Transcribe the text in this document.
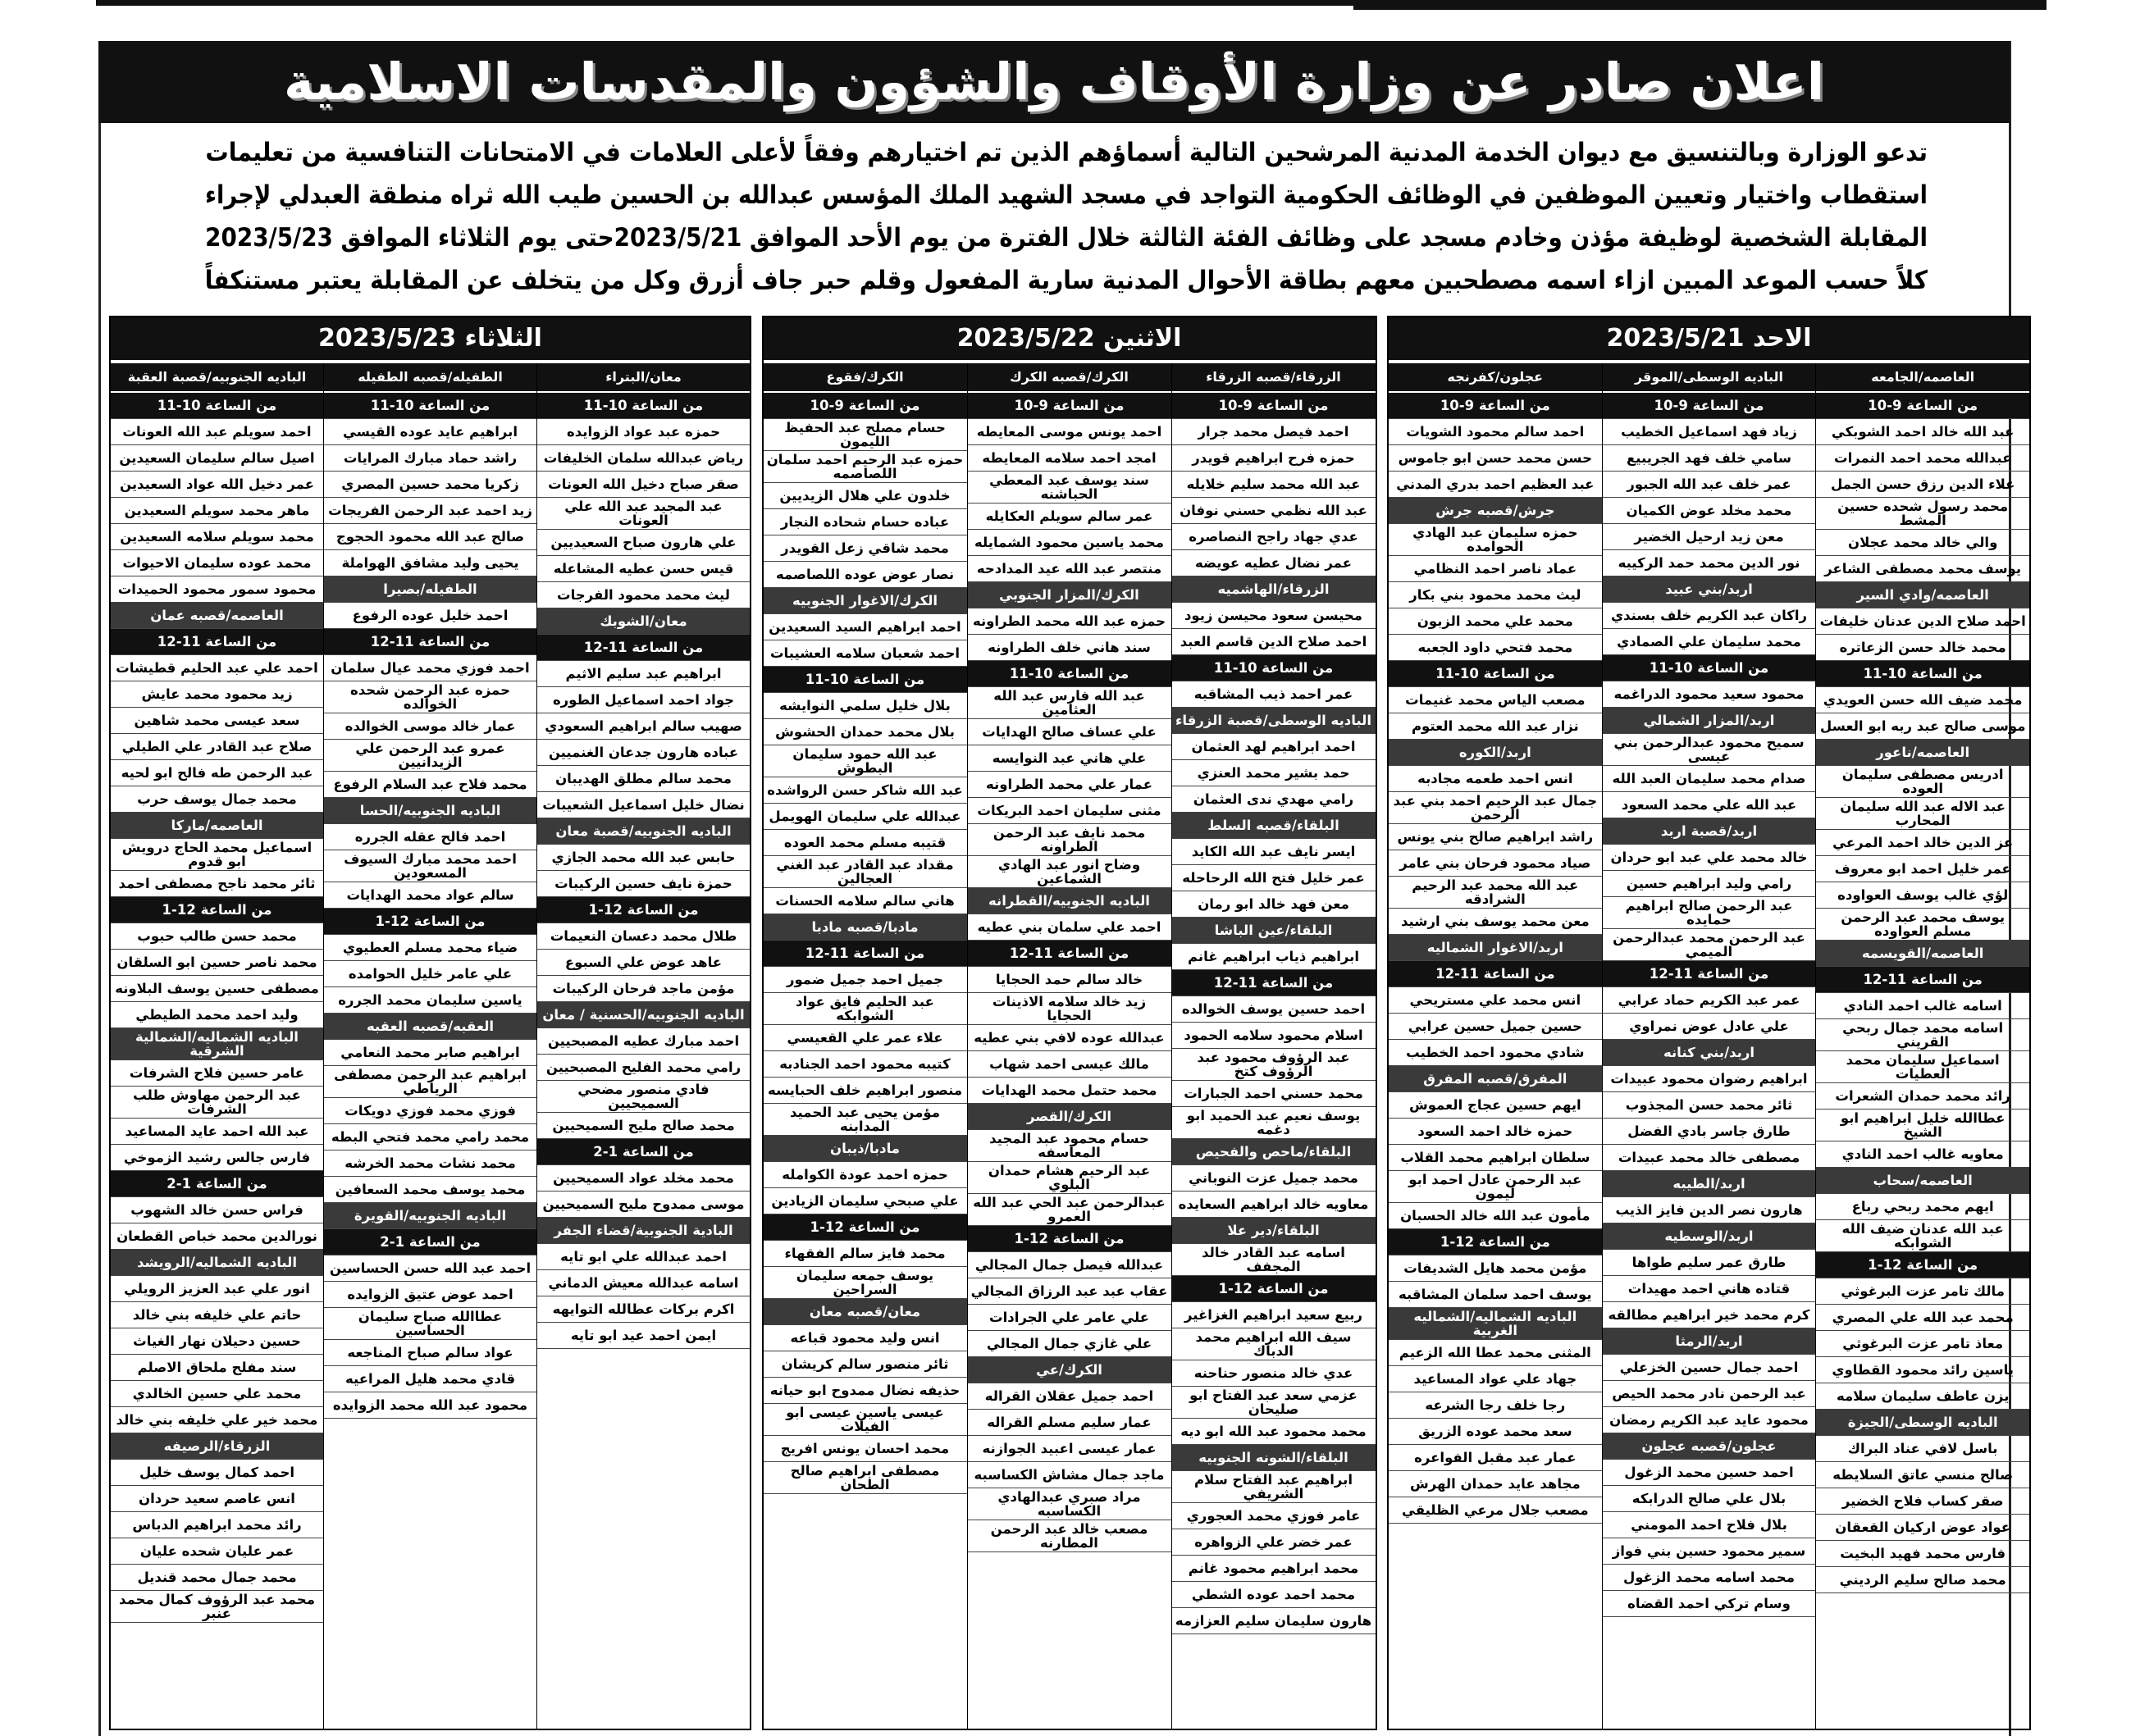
اعلان صادر عن وزارة الأوقاف والشؤون والمقدسات الاسلامية
تدعو الوزارة وبالتنسيق مع ديوان الخدمة المدنية المرشحين التالية أسماؤهم الذين تم اختيارهم وفقاً لأعلى العلامات في الامتحانات التنافسية من تعليمات
استقطاب واختيار وتعيين الموظفين في الوظائف الحكومية التواجد في مسجد الشهيد الملك المؤسس عبدالله بن الحسين طيب الله ثراه منطقة العبدلي لإجراء
المقابلة الشخصية لوظيفة مؤذن وخادم مسجد على وظائف الفئة الثالثة خلال الفترة من يوم الأحد الموافق 2023/5/21حتى يوم الثلاثاء الموافق 2023/5/23
كلاً حسب الموعد المبين ازاء اسمه مصطحبين معهم بطاقة الأحوال المدنية سارية المفعول وقلم حبر جاف أزرق وكل من يتخلف عن المقابلة يعتبر مستنكفاً
الاحد 2023/5/21
العاصمه/الجامعه
من الساعة 9-10
عبد الله خالد احمد الشوبكي
عبدالله محمد احمد النمرات
علاء الدين رزق حسن الجمل
محمد رسول شحده حسين المشط
والي خالد محمد عجلان
يوسف محمد مصطفى الشاعر
العاصمه/وادي السير
احمد صلاح الدين عدنان خليفات
محمد خالد حسن الزعاتره
من الساعة 10-11
محمد ضيف الله حسن العويدي
موسى صالح عبد ربه ابو العسل
العاصمه/ناعور
ادريس مصطفى سليمان العوده
عبد الاله عبد الله سليمان المحارب
عز الدين خالد احمد المرعي
عمر خليل احمد ابو معروف
لؤي غالب يوسف العواوده
يوسف محمد عبد الرحمن مسلم العواوده
العاصمه/القويسمه
من الساعة 11-12
اسامه غالب احمد النادي
اسامه محمد جمال ربحي القريني
اسماعيل سليمان محمد العطيات
رائد محمد حمدان الشعرات
عطاالله خليل ابراهيم ابو الشيخ
معاويه غالب احمد النادي
العاصمه/سحاب
ايهم محمد ربحي رباع
عبد الله عدنان ضيف الله الشوابكه
من الساعة 12-1
مالك تامر عزت البرغوثي
محمد عبد الله علي المصري
معاذ تامر عزت البرغوثي
ياسين رائد محمود القطاوي
يزن عاطف سليمان سلامه
الباديه الوسطى/الجيزة
باسل لافي عناد البراك
صالح منسي عاتق السلايطه
صقر كساب فلاح الخضير
عواد عوض اركيان القعقان
فارس محمد فهيد البخيت
محمد صالح سليم الرديني
الباديه الوسطى/الموقر
من الساعة 9-10
زياد فهد اسماعيل الخطيب
سامي خلف فهد الجريبيع
عمر خلف عبد الله الجبور
محمد مخلد عوض الكميان
معن زيد ارحيل الخضير
نور الدين محمد حمد الركيبه
اربد/بني عبيد
راكان عبد الكريم خلف بسندي
محمد سليمان علي الصمادي
من الساعة 10-11
محمود سعيد محمود الدراغمه
اربد/المزار الشمالي
سميح محمود عبدالرحمن بني عيسى
صدام محمد سليمان العبد الله
عبد الله علي محمد السعود
اربد/قصبة اربد
خالد محمد علي عبد ابو حردان
رامي وليد ابراهيم حسين
عبد الرحمن صالح ابراهيم حمايده
عبد الرحمن محمد عبدالرحمن الميمي
من الساعة 11-12
عمر عبد الكريم حماد عرابي
علي عادل عوض نمراوي
اربد/بني كنانه
ابراهيم رضوان محمود عبيدات
ثائر محمد حسن المجذوب
طارق جاسر بادي الفضل
مصطفى خالد محمد عبيدات
اربد/الطيبه
هارون نصر الدين فايز الذيب
اربد/الوسطيه
طارق عمر سليم طواها
قتاده هاني احمد مهيدات
كرم محمد خير ابراهيم مطالقه
اربد/الرمثا
احمد جمال حسين الخزعلي
عبد الرحمن نادر محمد الحيص
محمود عايد عبد الكريم رمضان
عجلون/قصبه عجلون
احمد حسين محمد الزغول
بلال علي صالح الدرابكه
بلال فلاح احمد المومني
سمير محمود حسين بني فواز
محمد اسامه محمد الزغول
وسام تركي احمد القضاه
عجلون/كفرنجه
من الساعة 9-10
احمد سالم محمود الشويات
حسن محمد حسن ابو جاموس
عبد العظيم احمد بدري المدني
جرش/قصبه جرش
حمزه سليمان عبد الهادي الحوامده
عماد ناصر احمد النظامي
ليث محمد محمود بني بكار
محمد علي محمد الزبون
محمد فتحي داود الجعبه
من الساعة 10-11
مصعب الياس محمد غنيمات
نزار عبد الله محمد العتوم
اربد/الكوره
انس احمد طعمه مجادبه
جمال عبد الرحيم احمد بني عبد الرحمن
راشد ابراهيم صالح بني يونس
صياد محمود فرحان بني عامر
عبد الله محمد عبد الرحيم الشرادقه
معن محمد يوسف بني ارشيد
اربد/الاغوار الشماليه
من الساعة 11-12
انس محمد علي مستريحي
حسين جميل حسين عرابي
شادي محمود احمد الخطيب
المفرق/قصبه المفرق
ايهم حسين عجاج العموش
حمزه خالد احمد السعود
سلطان ابراهيم محمد القلاب
عبد الرحمن عادل احمد ابو ليمون
مأمون عبد الله خالد الحسبان
من الساعة 12-1
مؤمن محمد هايل الشديفات
يوسف احمد سلمان المشاقبه
الباديه الشماليه/الشماليه الغربية
المثنى محمد عطا الله الزعيم
جهاد علي عواد المساعيد
رجا خلف رجا الشرعه
سعد محمد عوده الزريق
عمار عبد مقبل الفواعره
مجاهد عايد حمدان الهرش
مصعب جلال مرعي الظليقي
الاثنين 2023/5/22
الزرقاء/قصبه الزرقاء
من الساعة 9-10
احمد فيصل محمد جرار
حمزه فرح ابراهيم قويدر
عبد الله محمد سليم خلايله
عبد الله نظمي حسني نوفان
عدي جهاد راجح النصاصره
عمر نضال عطيه عويضه
الزرقاء/الهاشميه
محيسن سعود محيسن زيود
احمد صلاح الدين قاسم العبد
من الساعة 10-11
عمر احمد ذيب المشاقبه
الباديه الوسطى/قصبة الزرقاء
احمد ابراهيم لهد العثمان
حمد بشير محمد العنزي
رامي مهدي ندى العثمان
البلقاء/قصبه السلط
ايسر نايف عبد الله الكايد
عمر خليل فتح الله الرحاحله
معن فهد خالد ابو رمان
البلقاء/عين الباشا
ابراهيم ذياب ابراهيم غانم
من الساعة 11-12
احمد حسين يوسف الخوالده
اسلام محمود سلامه الحمود
عبد الرؤوف محمود عبد الرؤوف كتخ
محمد حسني احمد الجبارات
يوسف نعيم عبد الحميد ابو دغمه
البلقاء/ماحص والفحيص
محمد جميل عزت النوباني
معاويه خالد ابراهيم السعايده
البلقاء/دير علا
اسامه عبد القادر خالد المجفف
من الساعة 12-1
ربيع سعيد ابراهيم الغزاغير
سيف الله ابراهيم محمد الدباك
عدي خالد منصور حناحنه
عزمي سعد عبد الفتاح ابو صليحان
محمد محمود عبد الله ابو ديه
البلقاء/الشونه الجنوبيه
ابراهيم عبد الفتاح سلام الشريفي
عامر فوزي محمد العجوري
عمر خضر علي الزواهره
محمد ابراهيم محمود غانم
محمد احمد عوده الشطي
هارون سليمان سليم العزازمه
الكرك/قصبه الكرك
من الساعة 9-10
احمد يونس موسى المعايطه
امجد احمد سلامه المعايطه
سند يوسف عبد المعطي الحباشنه
عمر سالم سويلم العكايله
محمد ياسين محمود الشمايله
منتصر عبد الله عيد المدادحه
الكرك/المزار الجنوبي
حمزه عبد الله محمد الطراونه
سند هاني خلف الطراونه
من الساعة 10-11
عبد الله فارس عبد الله العثامين
علي عساف صالح الهدايات
علي هاني عبد النوايسه
عمار علي محمد الطراونه
مثنى سليمان احمد البريكات
محمد نايف عبد الرحمن الطراونه
وضاح انور عبد الهادي الشماعين
الباديه الجنوبيه/القطرانه
احمد علي سلمان بني عطيه
من الساعة 11-12
خالد سالم حمد الحجايا
زيد خالد سلامه الاذينات الحجايا
عبدالله عوده لافي بني عطيه
مالك عيسى احمد شهاب
محمد حتمل محمد الهدايات
الكرك/القصر
حسام محمود عبد المجيد المعاسفه
عبد الرحيم هشام حمدان البلوي
عبدالرحمن عبد الحي عبد الله العمرو
من الساعة 12-1
عبدالله فيصل جمال المجالي
عقاب عبد عبد الرزاق المجالي
علي عامر علي الجرادات
علي غازي جمال المجالي
الكرك/عي
احمد جميل عقلان القراله
عمار سليم مسلم القراله
عمار عيسى اعبيد الجوازنه
ماجد جمال مشاش الكساسبه
مراد صبري عبدالهادي الكساسبه
مصعب خالد عبد الرحمن المطارنه
الكرك/فقوع
من الساعة 9-10
حسام مصلح عبد الحفيظ الليمون
حمزه عبد الرحيم احمد سلمان اللصاصمه
خلدون علي هلال الزيديين
عباده حسام شحاده النجار
محمد شاقي زعل القويدر
نصار عوض عوده اللصاصمه
الكرك/الاغوار الجنوبيه
احمد ابراهيم السيد السعيدين
احمد شعبان سلامه العشيبات
من الساعة 10-11
بلال خليل سلمي النوايشه
بلال محمد حمدان الحشوش
عبد الله حمود سليمان البطوش
عبد الله شاكر حسن الرواشده
عبدالله علي سليمان الهويمل
قتيبه مسلم محمد العوده
مقداد عبد القادر عبد الغني العجالين
هاني سالم سلامه الحسنات
مادبا/قصبه مادبا
من الساعة 11-12
جميل احمد جميل ضمور
عبد الحليم فايق عواد الشوابكه
علاء عمر علي القعيسي
كتيبه محمود احمد الجنادبه
منصور ابراهيم خلف الحبايسه
مؤمن يحيى عبد الحميد المدابنه
مادبا/ذيبان
حمزه احمد عودة الكوامله
علي صبحي سليمان الزيادين
من الساعة 12-1
محمد فايز سالم الفقهاء
يوسف جمعه سليمان السراحين
معان/قصبه معان
انس وليد محمود قباعه
ثائر منصور سالم كريشان
حذيفه نضال ممدوح ابو حيانه
عيسى ياسين عيسى ابو الفيلات
محمد احسان يونس افريج
مصطفى ابراهيم صالح الطحان
الثلاثاء 2023/5/23
معان/البتراء
من الساعة 10-11
حمزه عبد عواد الزوايده
رياض عبدالله سلمان الخليفات
صقر صباح دخيل الله العونات
عبد المجيد عبد الله علي العونات
علي هارون صباح السعيديين
قيس حسن عطيه المشاعله
ليث محمد محمود الفرجات
معان/الشوبك
من الساعة 11-12
ابراهيم عبد سليم الاثيم
جواد احمد اسماعيل الطوره
صهيب سالم ابراهيم السعودي
عباده هارون جدعان الغنميين
محمد سالم مطلق الهديبان
نضال خليل اسماعيل الشعيبات
الباديه الجنوبيه/قصبة معان
حابس عبد الله محمد الجازي
حمزة نايف حسين الركيبات
من الساعة 12-1
طلال محمد دعسان النعيمات
عاهد عوض علي السبوع
مؤمن ماجد فرحان الركيبات
الباديه الجنوبيه/الحسنية / معان
احمد مبارك عطيه المصبحيين
رامي محمد الفليح المصبحيين
فادي منصور مضحي السميحيين
محمد صالح مليح السميحيين
من الساعة 1-2
محمد مخلد عواد السميحيين
موسى ممدوح مليح السميحيين
البادية الجنوبية/قضاء الجفر
احمد عبدالله علي ابو تايه
اسامه عبدالله معيش الدماني
اكرم بركات عطالله التوايهه
ايمن احمد عيد ابو تايه
الطفيله/قصبه الطفيله
من الساعة 10-11
ابراهيم عايد عوده القيسي
راشد حماد مبارك المرايات
زكريا محمد حسين المصري
زيد احمد عبد الرحمن الفريجات
صالح عبد الله محمود الحجوج
يحيى وليد مشافق الهواملة
الطفيله/بصيرا
احمد خليل عوده الرفوع
من الساعة 11-12
احمد فوزي محمد عيال سلمان
حمزه عبد الرحمن شحده الخوالده
عمار خالد موسى الخوالده
عمرو عبد الرحمن علي الزيدانيين
محمد فلاح عبد السلام الرفوع
الباديه الجنوبيه/الحسا
احمد فالح عقله الجرره
احمد محمد مبارك السيوف المسعودين
سالم عواد محمد الهدايات
من الساعة 12-1
ضياء محمد مسلم العطيوي
علي عامر خليل الحوامده
ياسين سليمان محمد الجرره
العقبه/قصبه العقبه
ابراهيم صابر محمد النعامي
ابراهيم عبد الرحمن مصطفى الرياطي
فوزي محمد فوزي دويكات
محمد رامي محمد فتحي البطه
محمد نشات محمد الخرشه
محمد يوسف محمد السعافين
الباديه الجنوبيه/القويرة
من الساعة 1-2
احمد عبد الله حسن الحساسين
احمد عوض عتيق الزوايده
عطاالله صباح سليمان الحساسين
عواد سالم صباح المناجعه
قادي محمد هليل المراعيه
محمود عبد الله محمد الزوايده
الباديه الجنوبيه/قصبة العقبة
من الساعة 10-11
احمد سويلم عبد الله العونات
اصيل سالم سليمان السعيدين
عمر دخيل الله عواد السعيدين
ماهر محمد سويلم السعيدين
محمد سويلم سلامه السعيدين
محمد عوده سليمان الاحيوات
محمود سمور محمود الحميدات
العاصمه/قصبه عمان
من الساعة 11-12
احمد علي عبد الحليم قطيشات
زيد محمود محمد عايش
سعد عيسى محمد شاهين
صلاح عبد القادر علي الطيلي
عبد الرحمن طه فالح ابو لحيه
محمد جمال يوسف حرب
العاصمه/ماركا
اسماعيل محمد الحاج درويش ابو قدوم
ثائر محمد ناجح مصطفى احمد
من الساعة 12-1
محمد حسن طالب حبوب
محمد ناصر حسين ابو السلقان
مصطفى حسين يوسف البلاونه
وليد احمد محمد الطيطي
الباديه الشماليه/الشمالية الشرقية
عامر حسين فلاح الشرفات
عبد الرحمن مهاوش طلب الشرفات
عبد الله احمد عايد المساعيد
فارس جالس رشيد الزموخي
من الساعة 1-2
فراس حسن خالد الشهوب
نورالدين محمد خباص القطعان
الباديه الشماليه/الرويشد
انور علي عبد العزيز الرويلي
حاتم علي خليفه بني خالد
حسين دحيلان نهار الغياث
سند مفلح ملحاق الاصلم
محمد علي حسين الخالدي
محمد خير علي خليفه بني خالد
الزرقاء/الرصيفه
احمد كمال يوسف خليل
انس عاصم سعيد حردان
رائد محمد ابراهيم الدباس
عمر عليان شحده عليان
محمد جمال محمد قنديل
محمد عبد الرؤوف كمال محمد عنبر
